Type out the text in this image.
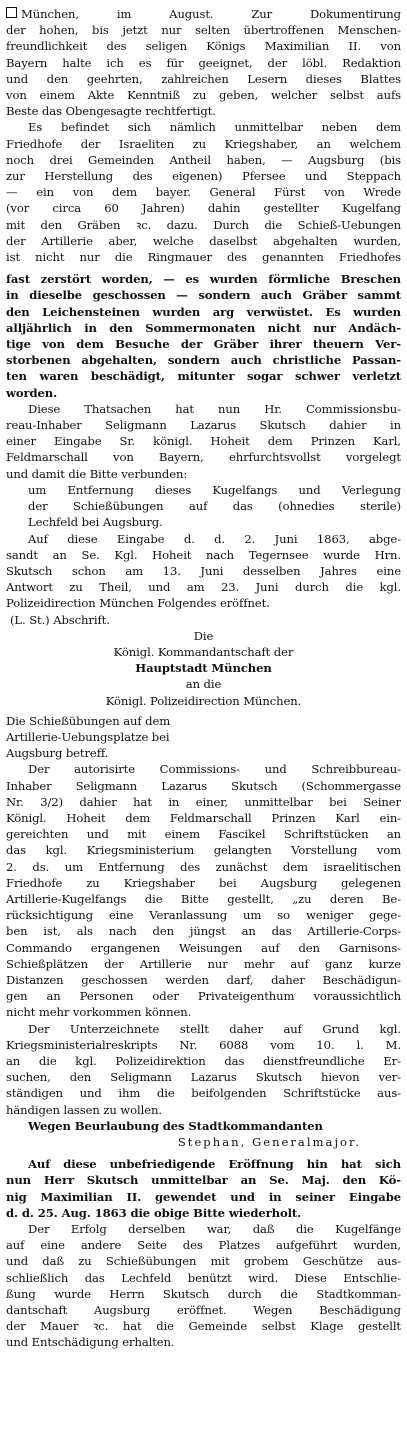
München, im August. Zur Dokumentirung

der hohen, bis jetzt nur selten übertroffenen Menschen-

freundlichkeit des seligen Königs Maximilian II. von

Bayern halte ich es für geeignet, der löbl. Redaktion

und den geehrten, zahlreichen Lesern dieses Blattes

von einem Akte Kenntniß zu geben, welcher selbst aufs

Beste das Obengesagte rechtfertigt.

Es befindet sich nämlich unmittelbar neben dem

Friedhofe der Israeliten zu Kriegshaber, an welchem

noch drei Gemeinden Antheil haben, — Augsburg (bis

zur Herstellung des eigenen) Pfersee und Steppach

— ein von dem bayer. General Fürst von Wrede

(vor circa 60 Jahren) dahin gestellter Kugelfang

mit den Gräben ꝛc. dazu. Durch die Schieß-Uebungen

der Artillerie aber, welche daselbst abgehalten wurden,

ist nicht nur die Ringmauer des genannten Friedhofes

fast zerstört worden, — es wurden förmliche Breschen

in dieselbe geschossen — sondern auch Gräber sammt

den Leichensteinen wurden arg verwüstet. Es wurden

alljährlich in den Sommermonaten nicht nur Andäch-

tige von dem Besuche der Gräber ihrer theuern Ver-

storbenen abgehalten, sondern auch christliche Passan-

ten waren beschädigt, mitunter sogar schwer verletzt

worden.

Diese Thatsachen hat nun Hr. Commissionsbu-

reau-Inhaber Seligmann Lazarus Skutsch dahier in

einer Eingabe Sr. königl. Hoheit dem Prinzen Karl,

Feldmarschall von Bayern, ehrfurchtsvollst vorgelegt

und damit die Bitte verbunden:

um Entfernung dieses Kugelfangs und Verlegung

der Schießübungen auf das (ohnedies sterile)

Lechfeld bei Augsburg.

Auf diese Eingabe d. d. 2. Juni 1863, abge-

sandt an Se. Kgl. Hoheit nach Tegernsee wurde Hrn.

Skutsch schon am 13. Juni desselben Jahres eine

Antwort zu Theil, und am 23. Juni durch die kgl.

Polizeidirection München Folgendes eröffnet.

(L. St.) Abschrift.

Die

Königl. Kommandantschaft der

Hauptstadt München

an die

Königl. Polizeidirection München.

Die Schießübungen auf dem

Artillerie-Uebungsplatze bei

Augsburg betreff.

Der autorisirte Commissions- und Schreibbureau-

Inhaber Seligmann Lazarus Skutsch (Schommergasse

Nr. 3/2) dahier hat in einer, unmittelbar bei Seiner

Königl. Hoheit dem Feldmarschall Prinzen Karl ein-

gereichten und mit einem Fascikel Schriftstücken an

das kgl. Kriegsministerium gelangten Vorstellung vom

2. ds. um Entfernung des zunächst dem israelitischen

Friedhofe zu Kriegshaber bei Augsburg gelegenen

Artillerie-Kugelfangs die Bitte gestellt, „zu deren Be-

rücksichtigung eine Veranlassung um so weniger gege-

ben ist, als nach den jüngst an das Artillerie-Corps-

Commando ergangenen Weisungen auf den Garnisons-

Schießplätzen der Artillerie nur mehr auf ganz kurze

Distanzen geschossen werden darf, daher Beschädigun-

gen an Personen oder Privateigenthum voraussichtlich

nicht mehr vorkommen können.

Der Unterzeichnete stellt daher auf Grund kgl.

Kriegsministerialreskripts Nr. 6088 vom 10. l. M.

an die kgl. Polizeidirektion das dienstfreundliche Er-

suchen, den Seligmann Lazarus Skutsch hievon ver-

ständigen und ihm die beifolgenden Schriftstücke aus-

händigen lassen zu wollen.

Wegen Beurlaubung des Stadtkommandanten

Stephan, Generalmajor.

Auf diese unbefriedigende Eröffnung hin hat sich

nun Herr Skutsch unmittelbar an Se. Maj. den Kö-

nig Maximilian II. gewendet und in seiner Eingabe

d. d. 25. Aug. 1863 die obige Bitte wiederholt.

Der Erfolg derselben war, daß die Kugelfänge

auf eine andere Seite des Platzes aufgeführt wurden,

und daß zu Schießübungen mit grobem Geschütze aus-

schließlich das Lechfeld benützt wird. Diese Entschlie-

ßung wurde Herrn Skutsch durch die Stadtkomman-

dantschaft Augsburg eröffnet. Wegen Beschädigung

der Mauer ꝛc. hat die Gemeinde selbst Klage gestellt

und Entschädigung erhalten.
